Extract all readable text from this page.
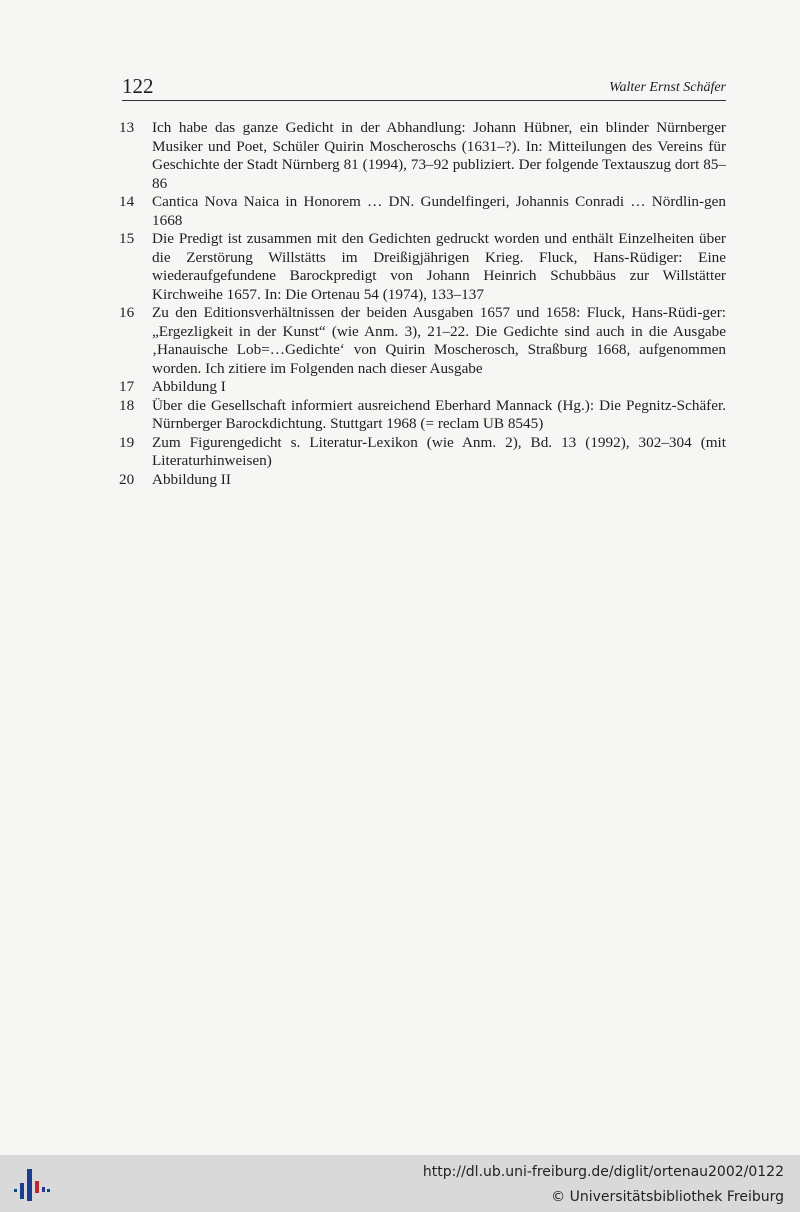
122	Walter Ernst Schäfer
13	Ich habe das ganze Gedicht in der Abhandlung: Johann Hübner, ein blinder Nürnberger Musiker und Poet, Schüler Quirin Moscheroschs (1631–?). In: Mitteilungen des Vereins für Geschichte der Stadt Nürnberg 81 (1994), 73–92 publiziert. Der folgende Textauszug dort 85–86
14	Cantica Nova Naica in Honorem … DN. Gundelfingeri, Johannis Conradi … Nördlin-gen 1668
15	Die Predigt ist zusammen mit den Gedichten gedruckt worden und enthält Einzelheiten über die Zerstörung Willstätts im Dreißigjährigen Krieg. Fluck, Hans-Rüdiger: Eine wiederaufgefundene Barockpredigt von Johann Heinrich Schubbäus zur Willstätter Kirchweihe 1657. In: Die Ortenau 54 (1974), 133–137
16	Zu den Editionsverhältnissen der beiden Ausgaben 1657 und 1658: Fluck, Hans-Rüdi-ger: „Ergezligkeit in der Kunst“ (wie Anm. 3), 21–22. Die Gedichte sind auch in die Ausgabe ‚Hanauische Lob=…Gedichte‘ von Quirin Moscherosch, Straßburg 1668, aufgenommen worden. Ich zitiere im Folgenden nach dieser Ausgabe
17	Abbildung I
18	Über die Gesellschaft informiert ausreichend Eberhard Mannack (Hg.): Die Pegnitz-Schäfer. Nürnberger Barockdichtung. Stuttgart 1968 (= reclam UB 8545)
19	Zum Figurengedicht s. Literatur-Lexikon (wie Anm. 2), Bd. 13 (1992), 302–304 (mit Literaturhinweisen)
20	Abbildung II
http://dl.ub.uni-freiburg.de/diglit/ortenau2002/0122
© Universitätsbibliothek Freiburg
